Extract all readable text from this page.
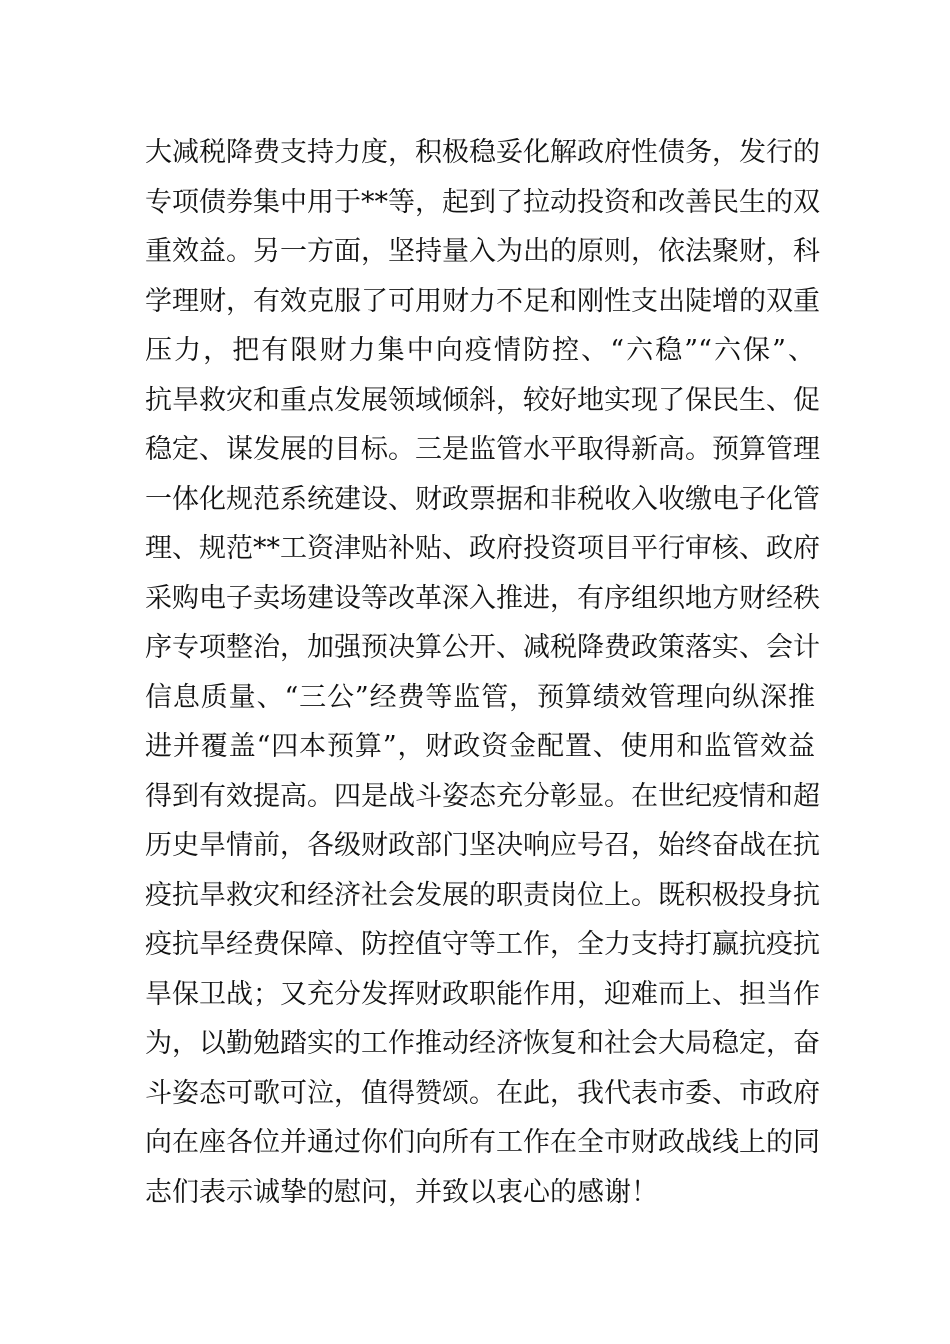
大减税降费支持力度，积极稳妥化解政府性债务，发行的
专项债券集中用于**等，起到了拉动投资和改善民生的双
重效益。另一方面，坚持量入为出的原则，依法聚财，科
学理财，有效克服了可用财力不足和刚性支出陡增的双重
压力，把有限财力集中向疫情防控、“六稳”“六保”、
抗旱救灾和重点发展领域倾斜，较好地实现了保民生、促
稳定、谋发展的目标。三是监管水平取得新高。预算管理
一体化规范系统建设、财政票据和非税收入收缴电子化管
理、规范**工资津贴补贴、政府投资项目平行审核、政府
采购电子卖场建设等改革深入推进，有序组织地方财经秩
序专项整治，加强预决算公开、减税降费政策落实、会计
信息质量、“三公”经费等监管，预算绩效管理向纵深推
进并覆盖“四本预算”，财政资金配置、使用和监管效益
得到有效提高。四是战斗姿态充分彰显。在世纪疫情和超
历史旱情前，各级财政部门坚决响应号召，始终奋战在抗
疫抗旱救灾和经济社会发展的职责岗位上。既积极投身抗
疫抗旱经费保障、防控值守等工作，全力支持打赢抗疫抗
旱保卫战；又充分发挥财政职能作用，迎难而上、担当作
为，以勤勉踏实的工作推动经济恢复和社会大局稳定，奋
斗姿态可歌可泣，值得赞颂。在此，我代表市委、市政府
向在座各位并通过你们向所有工作在全市财政战线上的同
志们表示诚挚的慰问，并致以衷心的感谢！
